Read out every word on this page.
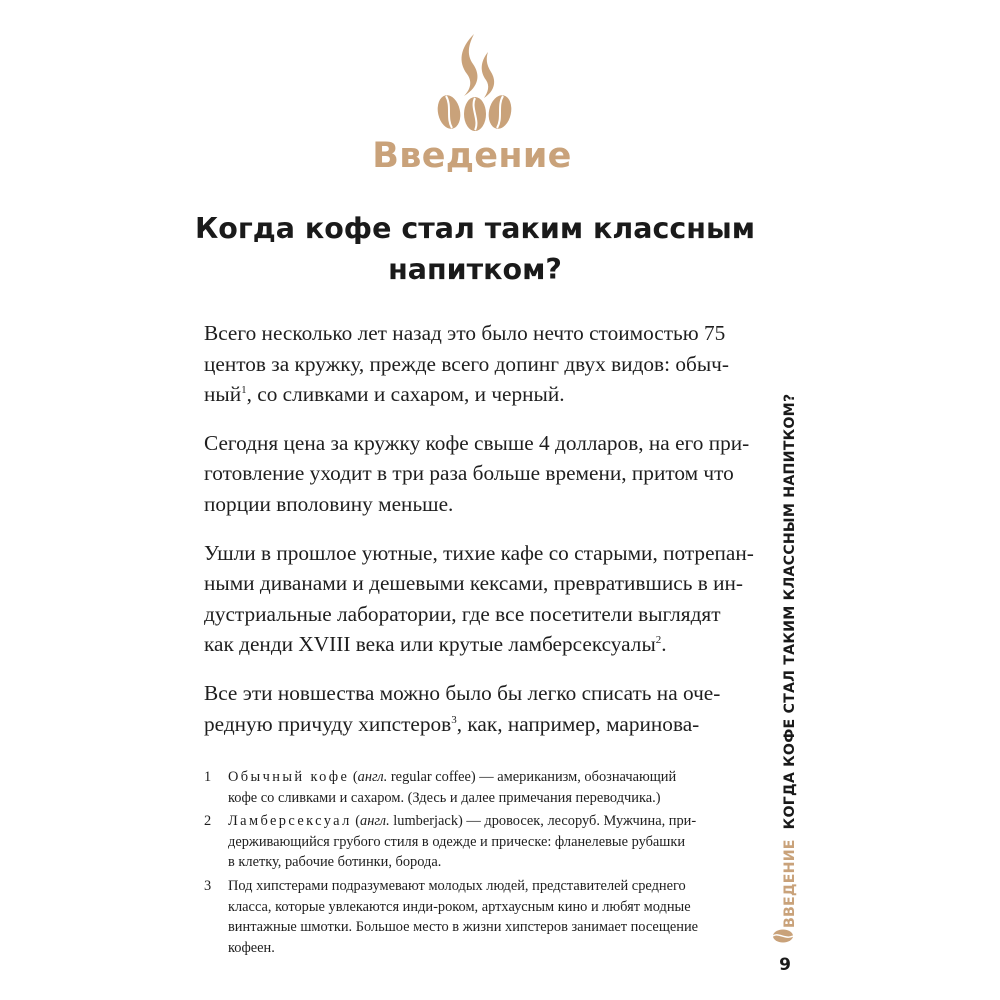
Введение
Когда кофе стал таким классным
напитком?

Всего несколько лет назад это было нечто стоимостью 75
центов за кружку, прежде всего допинг двух видов: обыч-
ный$^1$, со сливками и сахаром, и черный.

Сегодня цена за кружку кофе свыше 4 долларов, на его при-
готовление уходит в три раза больше времени, притом что
порции вполовину меньше.

Ушли в прошлое уютные, тихие кафе со старыми, потрепан-
ными диванами и дешевыми кексами, превратившись в ин-
дустриальные лаборатории, где все посетители выглядят
как денди XVIII века или крутые ламберсексуалы$^2$.

Все эти новшества можно было бы легко списать на оче-
редную причуду хипстеров$^3$, как, например, маринова-

1	Обычный кофе (англ. regular coffee) — американизм, обозначающий
кофе со сливками и сахаром. (Здесь и далее примечания переводчика.)
2	Ламберсексуал (англ. lumberjack) — дровосек, лесоруб. Мужчина, при-
держивающийся грубого стиля в одежде и прическе: фланелевые рубашки
в клетку, рабочие ботинки, борода.
3	Под хипстерами подразумевают молодых людей, представителей среднего
класса, которые увлекаются инди-роком, артхаусным кино и любят модные
винтажные шмотки. Большое место в жизни хипстеров занимает посещение
кофеен.
ВВЕДЕНИЕ
КОГДА КОФЕ СТАЛ ТАКИМ КЛАССНЫМ НАПИТКОМ?
9
